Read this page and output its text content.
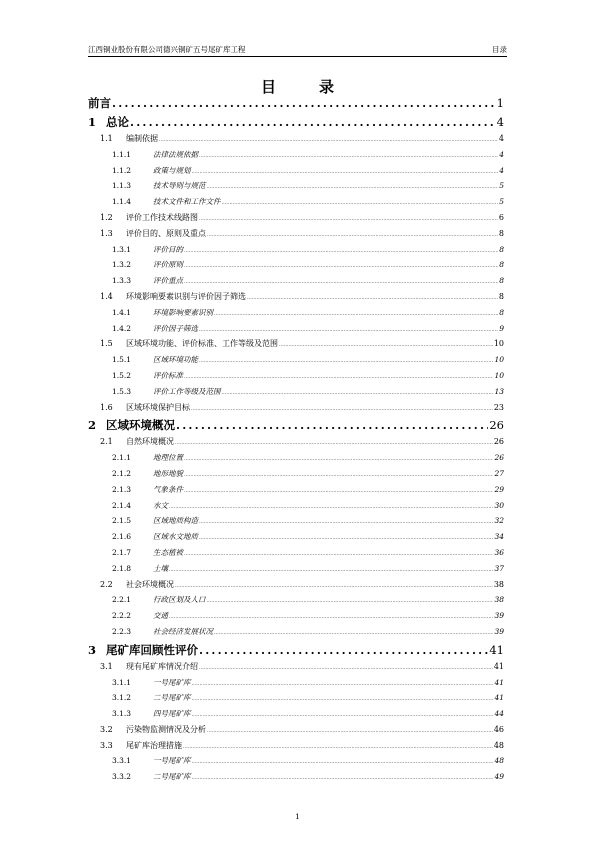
江西铜业股份有限公司德兴铜矿五号尾矿库工程	目录
目　录
前言 .....	1
1 总论 .....	4
1.1	编制依据 .....	4
1.1.1	法律法规依据 .....	4
1.1.2	政策与规划 .....	4
1.1.3	技术导则与规范 .....	5
1.1.4	技术文件和工作文件 .....	5
1.2	评价工作技术线路图 .....	6
1.3	评价目的、原则及重点 .....	8
1.3.1	评价目的 .....	8
1.3.2	评价原则 .....	8
1.3.3	评价重点 .....	8
1.4	环境影响要素识别与评价因子筛选 .....	8
1.4.1	环境影响要素识别 .....	8
1.4.2	评价因子筛选 .....	9
1.5	区域环境功能、评价标准、工作等级及范围 .....	10
1.5.1	区域环境功能 .....	10
1.5.2	评价标准 .....	10
1.5.3	评价工作等级及范围 .....	13
1.6	区域环境保护目标 .....	23
2 区域环境概况 .....	26
2.1	自然环境概况 .....	26
2.1.1	地理位置 .....	26
2.1.2	地形地貌 .....	27
2.1.3	气象条件 .....	29
2.1.4	水文 .....	30
2.1.5	区域地质构造 .....	32
2.1.6	区域水文地质 .....	34
2.1.7	生态植被 .....	36
2.1.8	土壤 .....	37
2.2	社会环境概况 .....	38
2.2.1	行政区划及人口 .....	38
2.2.2	交通 .....	39
2.2.3	社会经济发展状况 .....	39
3 尾矿库回顾性评价 .....	41
3.1	现有尾矿库情况介绍 .....	41
3.1.1	一号尾矿库 .....	41
3.1.2	二号尾矿库 .....	41
3.1.3	四号尾矿库 .....	44
3.2	污染物监测情况及分析 .....	46
3.3	尾矿库治理措施 .....	48
3.3.1	一号尾矿库 .....	48
3.3.2	二号尾矿库 .....	49
1
